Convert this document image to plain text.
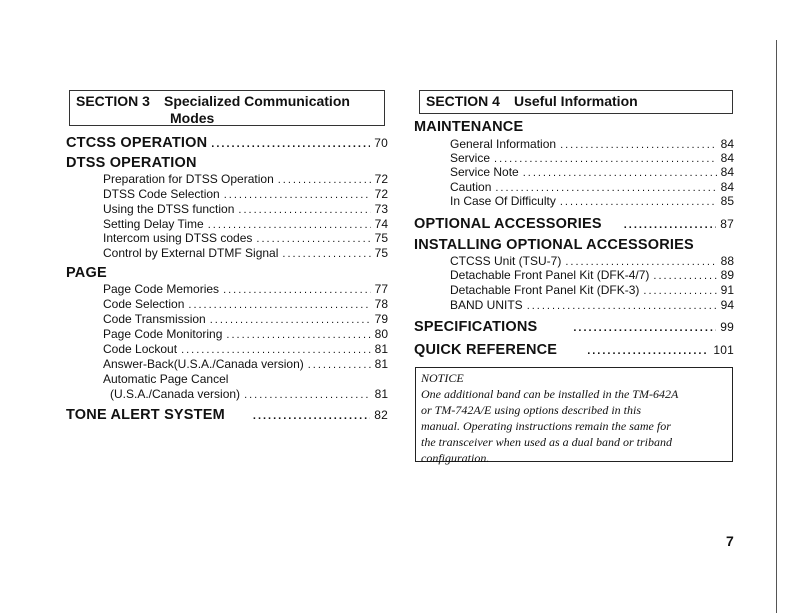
SECTION 3 Specialized Communication
Modes
CTCSS OPERATION .....	70
DTSS OPERATION
Preparation for DTSS Operation .....	72
DTSS Code Selection .....	72
Using the DTSS function .....	73
Setting Delay Time .....	74
Intercom using DTSS codes .....	75
Control by External DTMF Signal .....	75
PAGE
Page Code Memories .....	77
Code Selection .....	78
Code Transmission .....	79
Page Code Monitoring .....	80
Code Lockout .....	81
Answer-Back(U.S.A./Canada version) .....	81
Automatic Page Cancel
(U.S.A./Canada version) .....	81
TONE ALERT SYSTEM .....	82
SECTION 4 Useful Information
MAINTENANCE
General Information .....	84
Service .....	84
Service Note .....	84
Caution .....	84
In Case Of Difficulty .....	85
OPTIONAL ACCESSORIES .....	87
INSTALLING OPTIONAL ACCESSORIES
CTCSS Unit (TSU-7) .....	88
Detachable Front Panel Kit (DFK-4/7) .....	89
Detachable Front Panel Kit (DFK-3) .....	91
BAND UNITS .....	94
SPECIFICATIONS .....	99
QUICK REFERENCE .....	101
NOTICE
One additional band can be installed in the TM-642A
or TM-742A/E using options described in this
manual. Operating instructions remain the same for
the transceiver when used as a dual band or triband
configuration.
7
